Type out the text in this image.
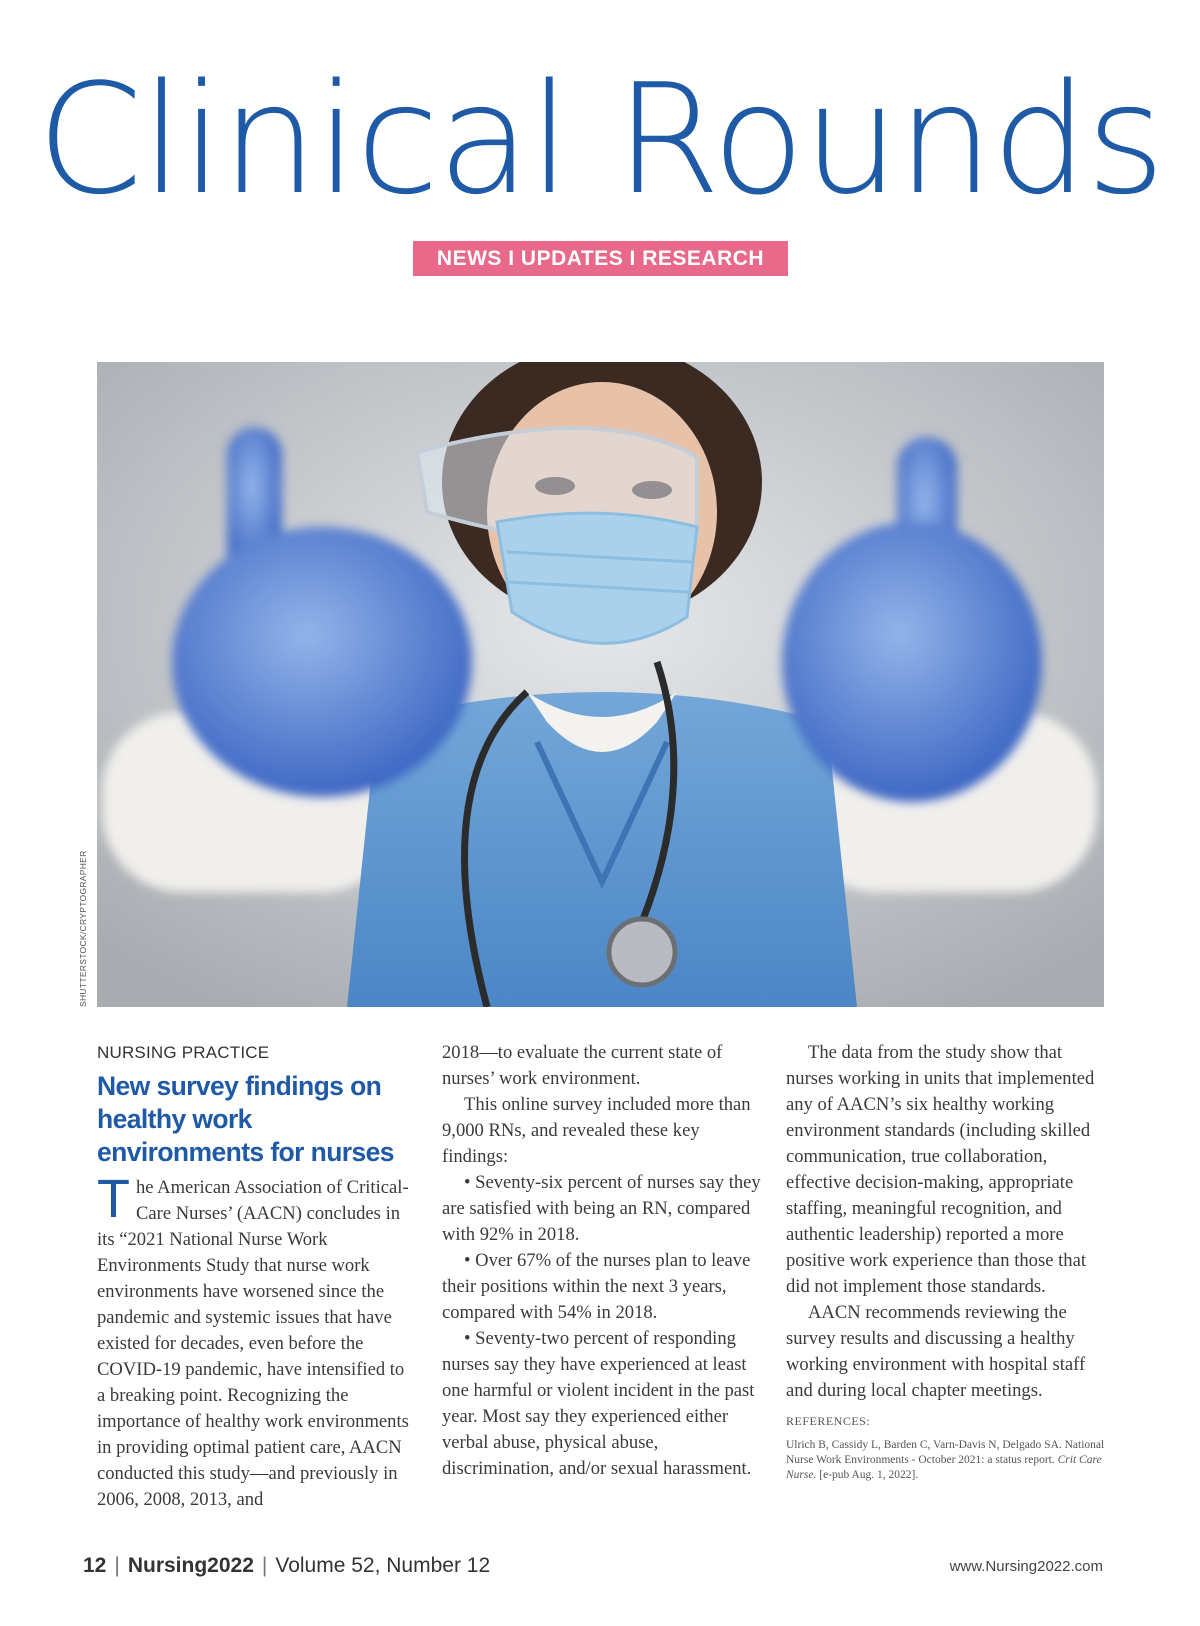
Clinical Rounds
NEWS I UPDATES I RESEARCH
SHUTTERSTOCK/CRYPTOGRAPHER
NURSING PRACTICE
New survey findings on healthy work environments for nurses

The American Association of Critical-Care Nurses’ (AACN) concludes in its “2021 National Nurse Work Environments Study that nurse work environments have worsened since the pandemic and systemic issues that have existed for decades, even before the COVID-19 pandemic, have intensified to a breaking point. Recognizing the importance of healthy work environments in providing optimal patient care, AACN conducted this study—and previously in 2006, 2008, 2013, and

2018—to evaluate the current state of nurses’ work environment.

This online survey included more than 9,000 RNs, and revealed these key findings:

• Seventy-six percent of nurses say they are satisfied with being an RN, compared with 92% in 2018.

• Over 67% of the nurses plan to leave their positions within the next 3 years, compared with 54% in 2018.

• Seventy-two percent of responding nurses say they have experienced at least one harmful or violent incident in the past year. Most say they experienced either verbal abuse, physical abuse, discrimination, and/or sexual harassment.

The data from the study show that nurses working in units that implemented any of AACN’s six healthy working environment standards (including skilled communication, true collaboration, effective decision-making, appropriate staffing, meaningful recognition, and authentic leadership) reported a more positive work experience than those that did not implement those standards.

AACN recommends reviewing the survey results and discussing a healthy working environment with hospital staff and during local chapter meetings.

REFERENCES:
Ulrich B, Cassidy L, Barden C, Varn-Davis N, Delgado SA. National Nurse Work Environments - October 2021: a status report. Crit Care Nurse. [e-pub Aug. 1, 2022].
12 | Nursing2022 | Volume 52, Number 12	www.Nursing2022.com
